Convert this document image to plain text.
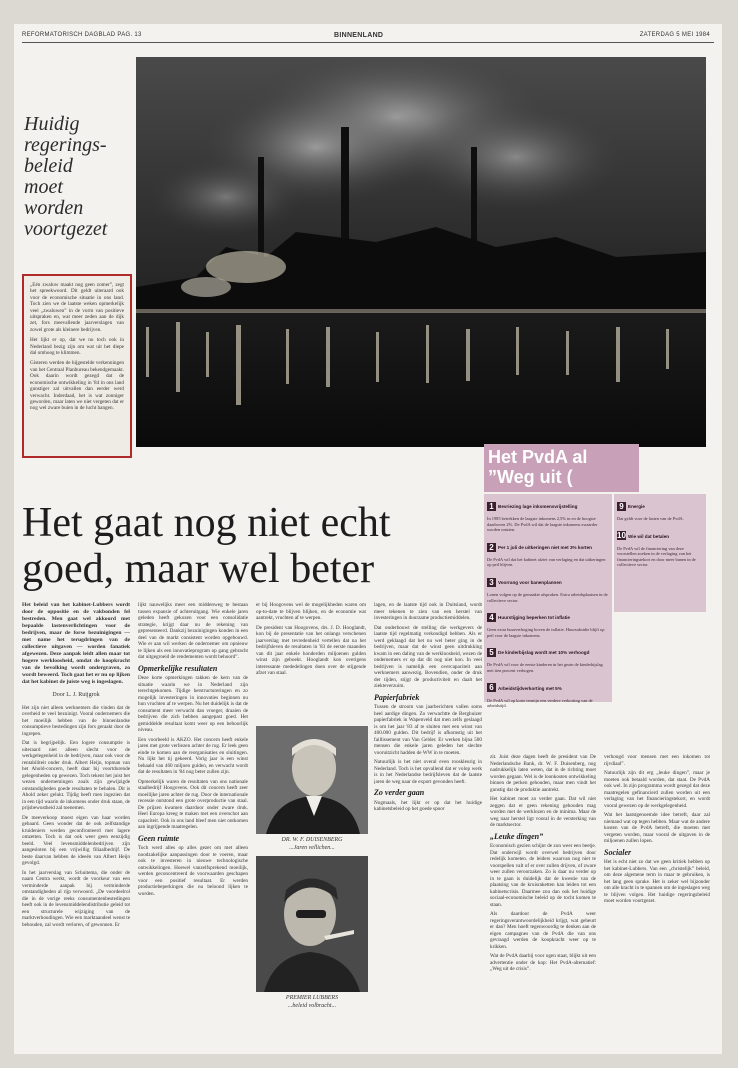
REFORMATORISCH DAGBLAD PAG. 13	BINNENLAND	ZATERDAG 5 MEI 1984
Huidig
regerings-
beleid
moet
worden
voortgezet

„Eén zwaluw maakt nog geen zomer”, zegt het spreekwoord. Dit geldt uiteraard ook voor de economische situatie in ons land. Toch zien we de laatste weken opmerkelijk veel „zwaluwen” in de vorm van positieve uitspraken en, wat meer zeden aan de dijk zet, fors meevallende jaarverslagen van zowel grote als kleinere bedrijven.

Het lijkt er op, dat we nu toch ook in Nederland bezig zijn om wat uit het diepe dal omhoog te klimmen.

Gisteren werden de bijgestelde verkenningen van het Centraal Planbureau bekendgemaakt. Ook daarin wordt gezegd dat de economische ontwikkeling in '84 in ons land gunstiger zal uitvallen dan eerder werd verwacht. Inderdaad, het is wat zonniger geworden, maar laten we niet vergeten dat er nog wel zware buien in de lucht hangen.

Het gaat nog niet echt
goed, maar wel beter

Het beleid van het kabinet-Lubbers wordt door de oppositie en de vakbonden fel bestreden. Men gaat wel akkoord met bepaalde lastenverlichtingen voor de bedrijven, maar de forse bezuinigingen — met name het terugdringen van de collectieve uitgaven — worden fanatiek afgewezen. Deze aanpak leidt allen maar tot hogere werkloosheid, omdat de koopkracht van de bevolking wordt ondergraven, zo wordt beweerd. Toch gaat het er nu op lijken dat het kabinet de juiste weg is ingeslagen.

Door L. J. Ruijgrok

Het zijn niet alleen werknemers die vinden dat de overheid te veel bezuinigt. Vooral ondernemers die het moeilijk hebben van de binnenlandse consumptieve bestedingen zijn fors geraakt door de ingrepen.

Dat is begrijpelijk. Een logere consumptie is uiteraard niet alleen slecht voor de werkgelegenheid in de bedrijven, maar ook voor de rentabiliteit onder druk. Albert Heijn, topman van het Ahold-concern, heeft daar bij voortdurende gelegenheden op gewezen. Toch tekent het juist het wezen ondernemingen zoals zijn gewijzigde omstandigheden goede resultaten te behalen. Dit is Ahold zeker gelukt. Tijdig heeft men ingezien dat in een tijd waarin de inkomens onder druk staan, de prijsbewustheid zal toenemen.

De meeverkoop moest eigen van haar worden gebaard. Geen wonder dat de ook zelfstandige kruideniers werden geconfronteerd met lagere omzetten. Toch is dat ook weer geen eenzijdig beeld. Veel levensmiddelenbedrijven zijn aangesloten bij een vrijwillig filiaalbedrijf. De beste daarvan hebben de ideeën van Albert Heijn gevolgd.

In het jaarverslag van Schuitema, die onder de naam Centra werkt, wordt de voorkeur van een verminderde aanpak bij verminderde omstandigheden al rijp verwoord. „De voordeelrol die in de vorige reeks consumentenbestedingen heeft ook in de levensmiddelendistributie geleid tot een structurele wijziging van de marktverhoudingen. Wie een marktaandeel wenst te behouden, zal wordt verloren, of gewonnen. Er

lijkt nauwelijks meer een middenweg te bestaan tussen expansie of achteruitgang. Wie enkele jaren geleden heeft gekozen voor een consolidatie strategie, krijgt daar nu de rekening van gepresenteerd. Dankzij bezuinigingen konden in een deel van de markt consistent worden opgebouwd. Wie er aan wil werken de ondernemer om opnieuw te lijken als een innovatieprogram op gang gebracht dat uitgegroeid de rendementen wordt behoord”.

Opmerkelijke resultaten

Deze korte opmerkingen rakken de kern van de situatie waarin we in Nederland zijn terechtgekomen. Tijdige herstructureringen en zo mogelijk investeringen in innovaties beginnen nu hun vruchten af te werpen. Nu het duidelijk is dat de consument meer verwacht dan vroeger, draaien de bedrijven die zich hebben aangepast goed. Het gemiddelde resultaat komt weer op een behoorlijk niveau.

Een voorbeeld is AKZO. Het concern heeft enkele jaren met grote verliezen achter de rug. Er leek geen einde te komen aan de reorganisaties en sluitingen. Nu lijkt het tij gekeerd. Vorig jaar is een winst behaald van 460 miljoen gulden, en verwacht wordt dat de resultaten in '84 nog beter zullen zijn.

Opmerkelijk waren de resultaten van ons nationale staalbedrijf Hoogovens. Ook dit concern heeft zeer moeilijke jaren achter de rug. Door de internationale recessie ontstond een grote overproductie van staal. De prijzen kwamen daardoor onder zware druk. Heel Europa kreeg te maken met een overschot aan capaciteit. Ook in ons land bleef men niet ontkomen aan ingrijpende maatregelen.

Geen ruimte

Toch werd alles op alles gezet om met alleen noodzakelijke aanpassingen door te voeren, maar ook te investeren in nieuwe technologische ontwikkelingen. Hoewel vanzelfsprekend moeilijk, werden geconcentreerd de voorwaarden geschapen voor een positief resultaat. Er werden productiebeperkingen die nu beloond lijken te worden.

er bij Hoogovens wel de mogelijkheden waren om op-to-date te blijven blijken, en de economie wat aantrekt, vruchten af te werpen.

De president van Hoogovens, drs. J. D. Hooglandt, kon bij de presentatie van het onlangs verschenen jaarverslag met tevredenheid vertellen dat na het bedrijfsleven de resultaten in '83 de eerste maanden van dit jaar enkele honderden miljoenen gulden winst zijn geboekt. Hooglandt kon overigens interessante mededelingen doen over de stijgende afzet van staal.

DR. W. F. DUISENBERG
...Jaren vellichen...
PREMIER LUBBERS
...beleid volbracht...

lagen, en de laatste tijd ook in Duitsland, wordt meer tekenen te zien van een herstel van investeringen in duurzame productiemiddelen.

Dat onderbouwt de stelling die werkgevers de laatste tijd regelmatig verkondigd hebben. Als er werd geklaagd dat het nu wel beter ging in de bedrijven, maar dat de winst geen uitdrukking kwam in een daling van de werkloosheid, wezen de ondernemers er op dat dit nog niet kon. In veel bedrijven is namelijk een overcapaciteit aan werknemers aanwezig. Bovendien, onder de druk der tijden, stijgt de productiviteit en daalt het ziekteverzuim.

Papierfabriek

Tussen de stroom van jaarberichten vallen soms heel aardige dingen. Zo verwachtte de Berghuizer papierfabriek in Wapenveld dat men zelfs geslaagd is om het jaar '83 af te sluiten met een winst van 400.000 gulden. Dit bedrijf is afkomstig uit het faillissement van Van Gelder. Er werken bijna 500 mensen die enkele jaren geleden het slechte vooruitzicht hadden de WW in te moeten.

Natuurlijk is het niet overal even rooskleurig in Nederland. Toch is het opvallend dat er volop werk is in het Nederlandse bedrijfsleven dat de laatste jaren de weg naar de export gevonden heeft.

Zo verder gaan

Nogmaals, het lijkt er op dat het huidige kabinetsbeleid op het goede spoor

Het PvdA al
”Weg uit (
1 Bevriezing lage inkomensvrijstelling
In 1985 betrekken de laagste inkomens 2,5% in en de hoogste daarboven 2%. De PvdA wil dat de laagste inkomens zwaarder worden ontzien.
2 Per 1 juli de uitkeringen niet met 3% korten
De PvdA wil dat het kabinet afziet van verlaging en dat uitkeringen op peil blijven.
3 Voorrang voor banenplannen
Lonen volgen op de gemaakte afspraken. Extra arbeidsplaatsen in de collectieve sector.
4 Huurstijging beperken tot inflatie
Geen extra huurverhoging boven de inflatie. Huursubsidie blijft op peil voor de laagste inkomens.
5 De kinderbijslag wordt met 10% verhoogd
De PvdA wil voor de eerste kinderen in het gezin de kinderbijslag met tien procent verhogen.
6 Arbeidstijdverkorting met 5%
De PvdA wil op korte termijn een verdere verkorting van de arbeidstijd.
9 Energie
Dat geldt voor de lasten van de PvdA.
10 Wie wil dat betalen
De PvdA wil de financiering van deze voorstellen zoeken in de verlaging van het financieringstekort en door meer banen in de collectieve sector.

zit. Juist deze dagen heeft de president van De Nederlandsche Bank, dr. W. F. Duisenberg, nog nadrukkelijk laten weten, dat in de richting moet worden gegaan. Wel is de loonkosten ontwikkeling binnen de perken gehouden, maar men vindt het gunstig dat de produktie aantrekt.

Het kabinet moet zo verder gaan. Dat wil niet zeggen dat er geen rekening gehouden mag worden met de werklozen en de minima. Maar de weg naar herstel ligt vooral in de versterking van de marktsector.

„Leuke dingen”

Economisch gezien schijnt de zon weer een beetje. Dat onderwijl wordt overwel bedrijven door redelijk kometen. de leiders waarvan nog niet te voorspellen valt of er over zullen drijven, of zware weer zullen veroorzaken. Zo is daar nu verder op in te gaan is duidelijk dat de kwestie van de plaatsing van de kruisraketten kan leiden tot een kabinetscrisis. Daarmee zou dan ook het huidige sociaal-economische beleid op de tocht komen te staan.

Als daardoor de PvdA weer regeringsverantwoordelijkheid krijgt, wat gebeurt er dan? Men hoeft tegenwoordig te denken aan de eigen campagnes van de PvdA die van ons gevraagd werden de koopkracht weer op te krikken.

Wat de PvdA daarbij voor ogen staat, blijkt uit een advertentie onder de kop: Het PvdA-alternatief: „Weg uit de crisis”.

verhoogd voor mensen met een inkomen tot rijvdiaal”.

Natuurlijk zijn dit erg „leuke dingen”, maar je moeten ook betaald worden, dat staat. De PvdA ook wel. In zijn programma wordt gezegd dat deze maatregelen gefinancierd zullen worden uit een verlaging van het financieringstekort, en wordt vooral gewezen op de werkgelegenheid.

Wat het laatstgenoemde idee betreft, daar zal niemand wat op tegen hebben. Maar wat de andere kosten van de PvdA betreft, die moeten met vergeten worden, maar vooral de uitgaven in de miljoenen zullen lopen.

Socialer

Het is echt niet zo dat we geen kritiek hebben op het kabinet-Lubbers. Van een „christelijk” beleid, om deze algemene term in maar te gebruiken, is het lang geen sprake. Het is zeker wel bijzonder om alle kracht in te spannen om de ingeslagen weg te blijven volgen. Het huidige regeringsbeleid moet worden voortgezet.
